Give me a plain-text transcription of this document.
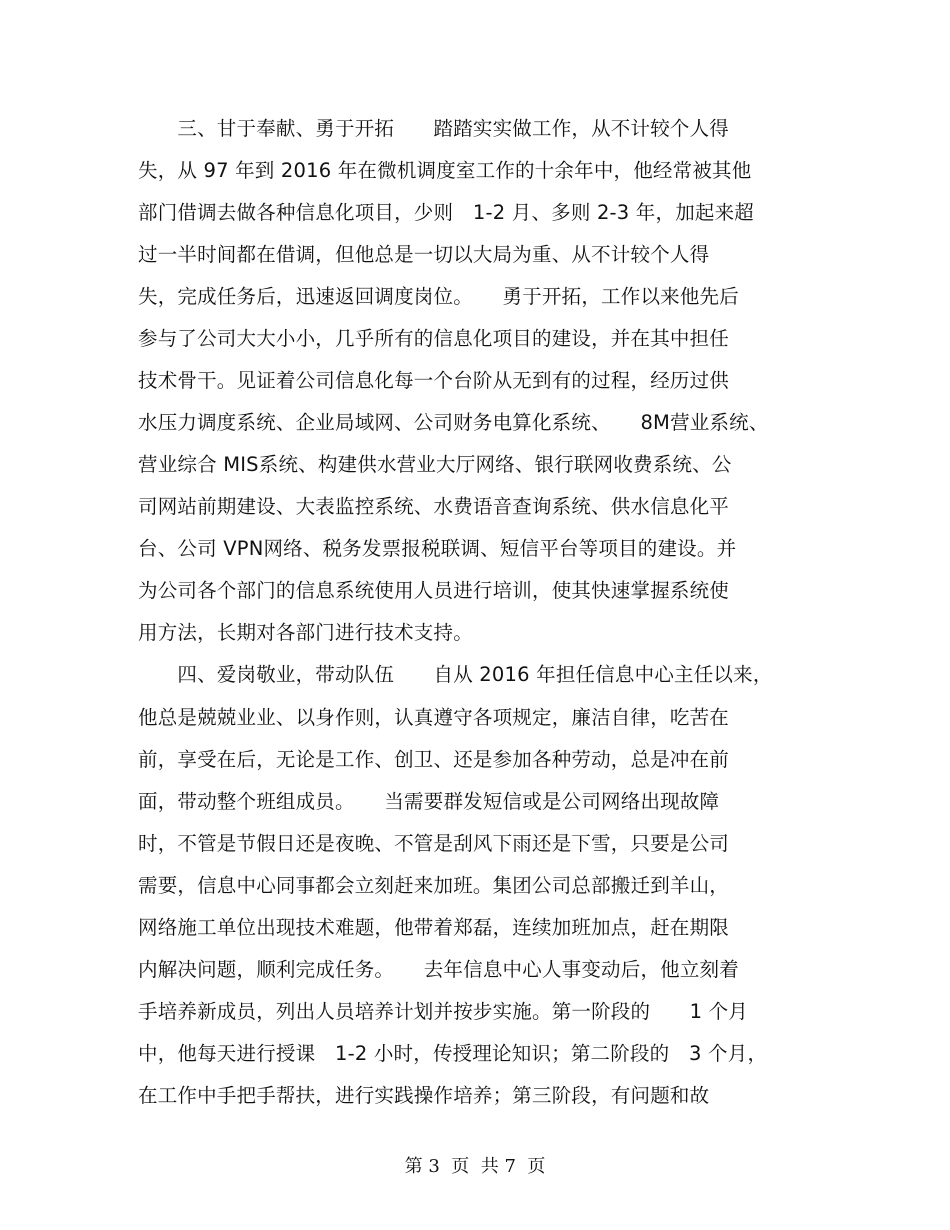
　　三、甘于奉献、勇于开拓　　踏踏实实做工作，从不计较个人得
失，从 97 年到 2016 年在微机调度室工作的十余年中，他经常被其他
部门借调去做各种信息化项目，少则　1-2 月、多则 2-3 年，加起来超
过一半时间都在借调，但他总是一切以大局为重、从不计较个人得
失，完成任务后，迅速返回调度岗位。　　勇于开拓，工作以来他先后
参与了公司大大小小，几乎所有的信息化项目的建设，并在其中担任
技术骨干。见证着公司信息化每一个台阶从无到有的过程，经历过供
水压力调度系统、企业局域网、公司财务电算化系统、　　8M营业系统、
营业综合 MIS系统、构建供水营业大厅网络、银行联网收费系统、公
司网站前期建设、大表监控系统、水费语音查询系统、供水信息化平
台、公司 VPN网络、税务发票报税联调、短信平台等项目的建设。并
为公司各个部门的信息系统使用人员进行培训，使其快速掌握系统使
用方法，长期对各部门进行技术支持。
　　四、爱岗敬业，带动队伍　　自从 2016 年担任信息中心主任以来，
他总是兢兢业业、以身作则，认真遵守各项规定，廉洁自律，吃苦在
前，享受在后，无论是工作、创卫、还是参加各种劳动，总是冲在前
面，带动整个班组成员。　　当需要群发短信或是公司网络出现故障
时，不管是节假日还是夜晚、不管是刮风下雨还是下雪，只要是公司
需要，信息中心同事都会立刻赶来加班。集团公司总部搬迁到羊山，
网络施工单位出现技术难题，他带着郑磊，连续加班加点，赶在期限
内解决问题，顺利完成任务。　　去年信息中心人事变动后，他立刻着
手培养新成员，列出人员培养计划并按步实施。第一阶段的　　1 个月
中，他每天进行授课　1-2 小时，传授理论知识；第二阶段的　3 个月，
在工作中手把手帮扶，进行实践操作培养；第三阶段，有问题和故
第 3  页  共 7  页
